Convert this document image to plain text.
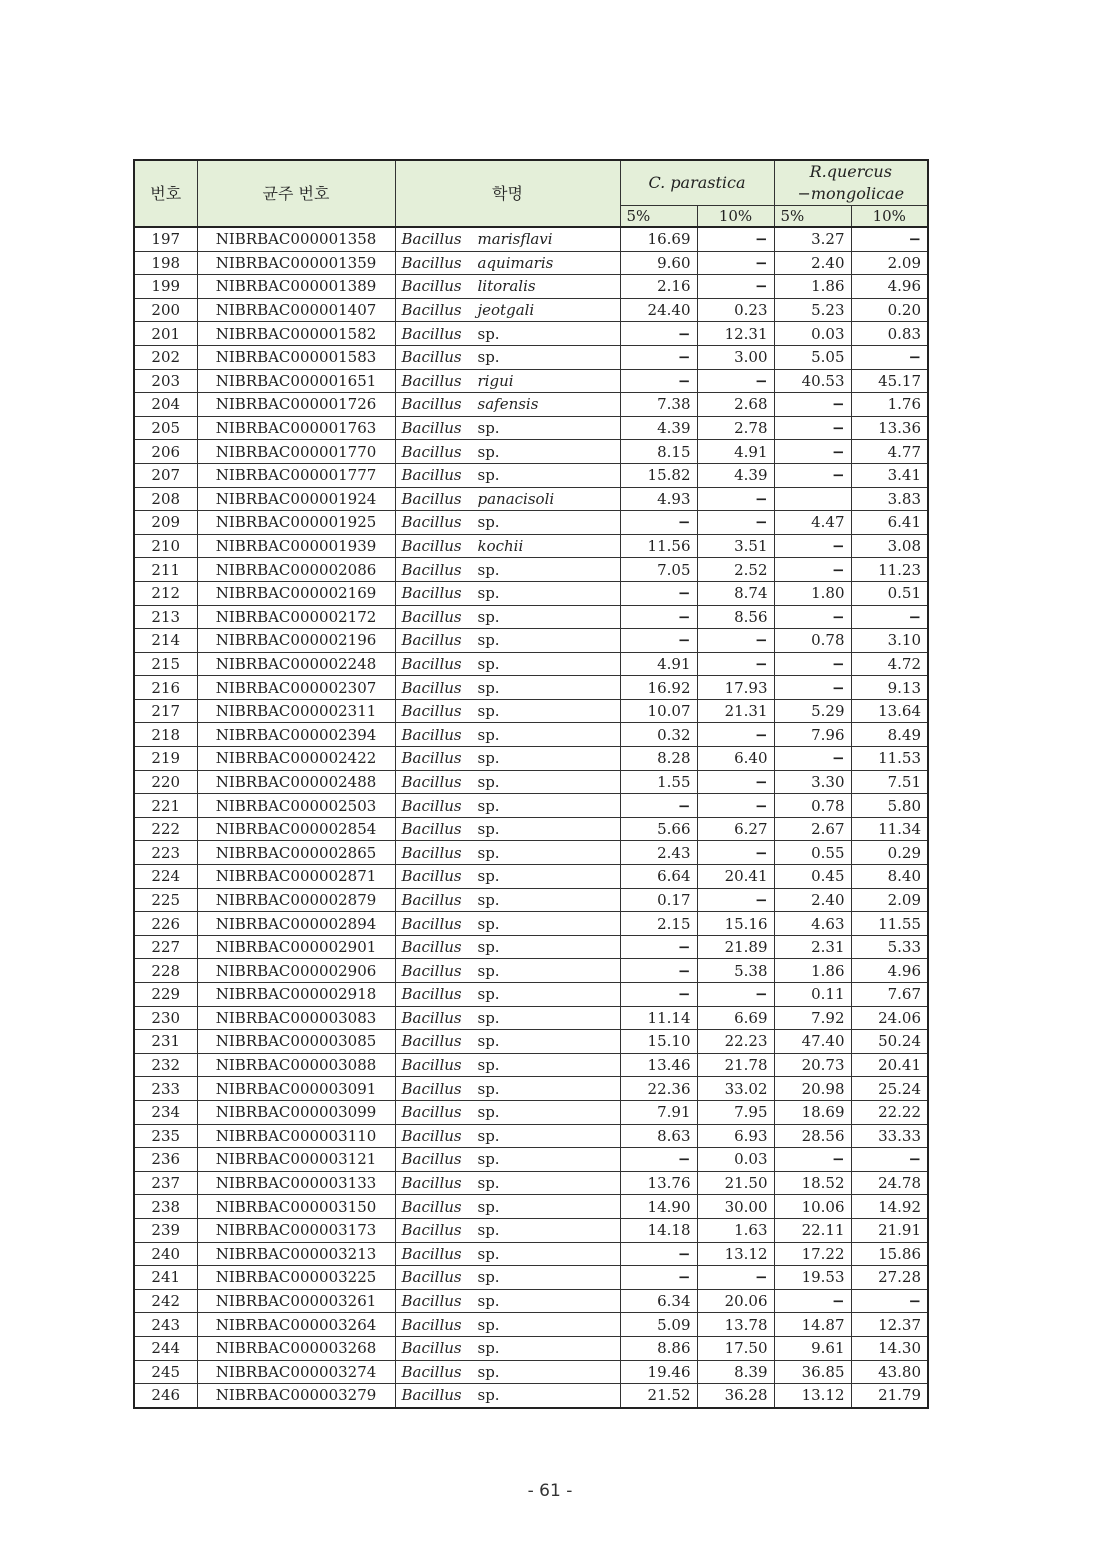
번호	균주 번호	학명	C. parastica		R.quercus
−mongolicae	

			5%	10%	5%	10%
197	NIBRBAC000001358	Bacillus marisflavi	16.69	−	3.27	−
198	NIBRBAC000001359	Bacillus aquimaris	9.60	−	2.40	2.09
199	NIBRBAC000001389	Bacillus litoralis	2.16	−	1.86	4.96
200	NIBRBAC000001407	Bacillus jeotgali	24.40	0.23	5.23	0.20
201	NIBRBAC000001582	Bacillus sp.	−	12.31	0.03	0.83
202	NIBRBAC000001583	Bacillus sp.	−	3.00	5.05	−
203	NIBRBAC000001651	Bacillus rigui	−	−	40.53	45.17
204	NIBRBAC000001726	Bacillus safensis	7.38	2.68	−	1.76
205	NIBRBAC000001763	Bacillus sp.	4.39	2.78	−	13.36
206	NIBRBAC000001770	Bacillus sp.	8.15	4.91	−	4.77
207	NIBRBAC000001777	Bacillus sp.	15.82	4.39	−	3.41
208	NIBRBAC000001924	Bacillus panacisoli	4.93	−		3.83
209	NIBRBAC000001925	Bacillus sp.	−	−	4.47	6.41
210	NIBRBAC000001939	Bacillus kochii	11.56	3.51	−	3.08
211	NIBRBAC000002086	Bacillus sp.	7.05	2.52	−	11.23
212	NIBRBAC000002169	Bacillus sp.	−	8.74	1.80	0.51
213	NIBRBAC000002172	Bacillus sp.	−	8.56	−	−
214	NIBRBAC000002196	Bacillus sp.	−	−	0.78	3.10
215	NIBRBAC000002248	Bacillus sp.	4.91	−	−	4.72
216	NIBRBAC000002307	Bacillus sp.	16.92	17.93	−	9.13
217	NIBRBAC000002311	Bacillus sp.	10.07	21.31	5.29	13.64
218	NIBRBAC000002394	Bacillus sp.	0.32	−	7.96	8.49
219	NIBRBAC000002422	Bacillus sp.	8.28	6.40	−	11.53
220	NIBRBAC000002488	Bacillus sp.	1.55	−	3.30	7.51
221	NIBRBAC000002503	Bacillus sp.	−	−	0.78	5.80
222	NIBRBAC000002854	Bacillus sp.	5.66	6.27	2.67	11.34
223	NIBRBAC000002865	Bacillus sp.	2.43	−	0.55	0.29
224	NIBRBAC000002871	Bacillus sp.	6.64	20.41	0.45	8.40
225	NIBRBAC000002879	Bacillus sp.	0.17	−	2.40	2.09
226	NIBRBAC000002894	Bacillus sp.	2.15	15.16	4.63	11.55
227	NIBRBAC000002901	Bacillus sp.	−	21.89	2.31	5.33
228	NIBRBAC000002906	Bacillus sp.	−	5.38	1.86	4.96
229	NIBRBAC000002918	Bacillus sp.	−	−	0.11	7.67
230	NIBRBAC000003083	Bacillus sp.	11.14	6.69	7.92	24.06
231	NIBRBAC000003085	Bacillus sp.	15.10	22.23	47.40	50.24
232	NIBRBAC000003088	Bacillus sp.	13.46	21.78	20.73	20.41
233	NIBRBAC000003091	Bacillus sp.	22.36	33.02	20.98	25.24
234	NIBRBAC000003099	Bacillus sp.	7.91	7.95	18.69	22.22
235	NIBRBAC000003110	Bacillus sp.	8.63	6.93	28.56	33.33
236	NIBRBAC000003121	Bacillus sp.	−	0.03	−	−
237	NIBRBAC000003133	Bacillus sp.	13.76	21.50	18.52	24.78
238	NIBRBAC000003150	Bacillus sp.	14.90	30.00	10.06	14.92
239	NIBRBAC000003173	Bacillus sp.	14.18	1.63	22.11	21.91
240	NIBRBAC000003213	Bacillus sp.	−	13.12	17.22	15.86
241	NIBRBAC000003225	Bacillus sp.	−	−	19.53	27.28
242	NIBRBAC000003261	Bacillus sp.	6.34	20.06	−	−
243	NIBRBAC000003264	Bacillus sp.	5.09	13.78	14.87	12.37
244	NIBRBAC000003268	Bacillus sp.	8.86	17.50	9.61	14.30
245	NIBRBAC000003274	Bacillus sp.	19.46	8.39	36.85	43.80
246	NIBRBAC000003279	Bacillus sp.	21.52	36.28	13.12	21.79
- 61 -
